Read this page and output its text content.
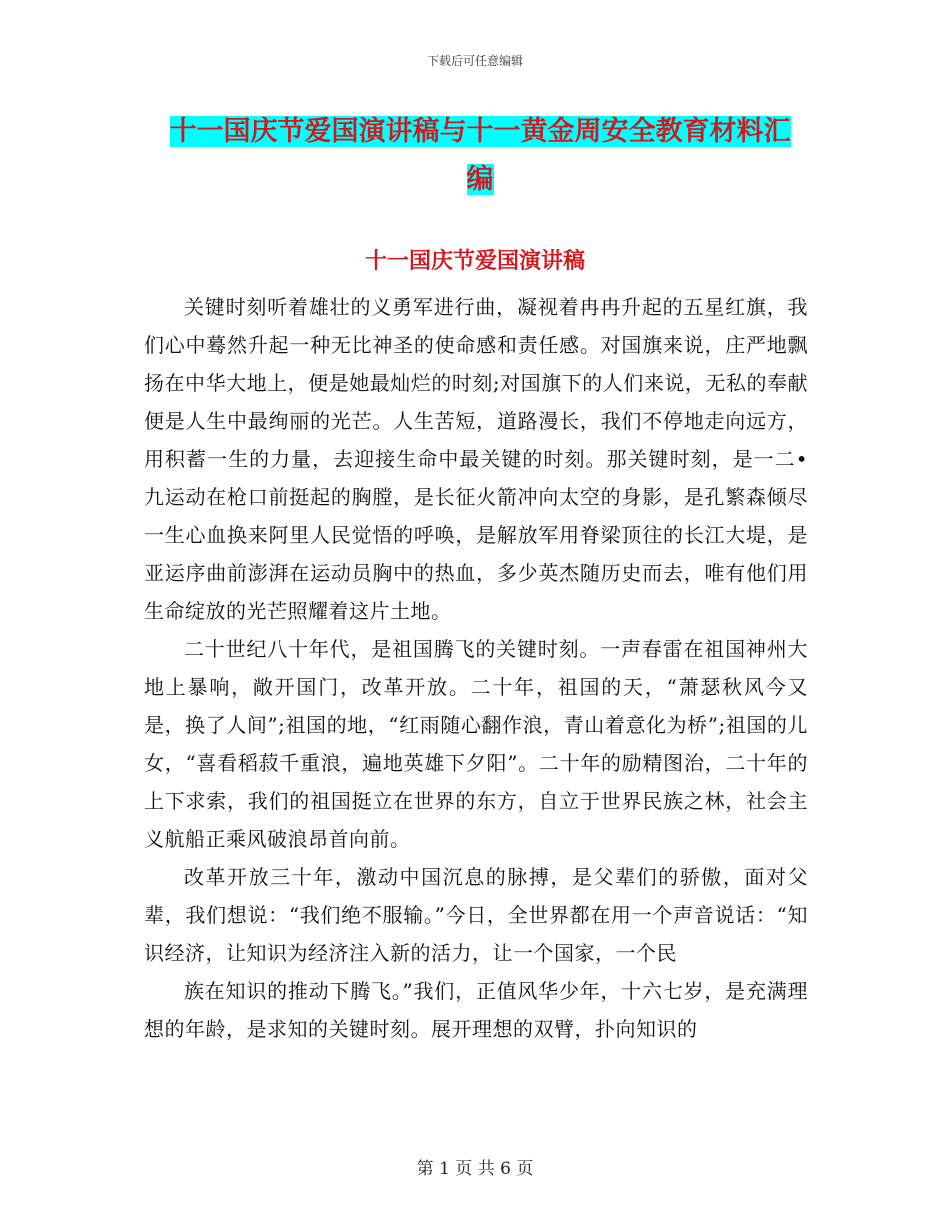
下载后可任意编辑
十一国庆节爱国演讲稿与十一黄金周安全教育材料汇
编
十一国庆节爱国演讲稿

关键时刻听着雄壮的义勇军进行曲，凝视着冉冉升起的五星红旗，我们心中蓦然升起一种无比神圣的使命感和责任感。对国旗来说，庄严地飘扬在中华大地上，便是她最灿烂的时刻;对国旗下的人们来说，无私的奉献便是人生中最绚丽的光芒。人生苦短，道路漫长，我们不停地走向远方，用积蓄一生的力量，去迎接生命中最关键的时刻。那关键时刻，是一二•九运动在枪口前挺起的胸膛，是长征火箭冲向太空的身影，是孔繁森倾尽一生心血换来阿里人民觉悟的呼唤，是解放军用脊梁顶往的长江大堤，是亚运序曲前澎湃在运动员胸中的热血，多少英杰随历史而去，唯有他们用生命绽放的光芒照耀着这片土地。

二十世纪八十年代，是祖国腾飞的关键时刻。一声春雷在祖国神州大地上暴响，敞开国门，改革开放。二十年，祖国的天，“萧瑟秋风今又是，换了人间”;祖国的地，“红雨随心翻作浪，青山着意化为桥”;祖国的儿女，“喜看稻菽千重浪，遍地英雄下夕阳”。二十年的励精图治，二十年的上下求索，我们的祖国挺立在世界的东方，自立于世界民族之林，社会主义航船正乘风破浪昂首向前。

改革开放三十年，激动中国沉息的脉搏，是父辈们的骄傲，面对父辈，我们想说：“我们绝不服输。”今日，全世界都在用一个声音说话：“知识经济，让知识为经济注入新的活力，让一个国家，一个民

族在知识的推动下腾飞。”我们，正值风华少年，十六七岁，是充满理想的年龄，是求知的关键时刻。展开理想的双臂，扑向知识的

第 1 页 共 6 页
